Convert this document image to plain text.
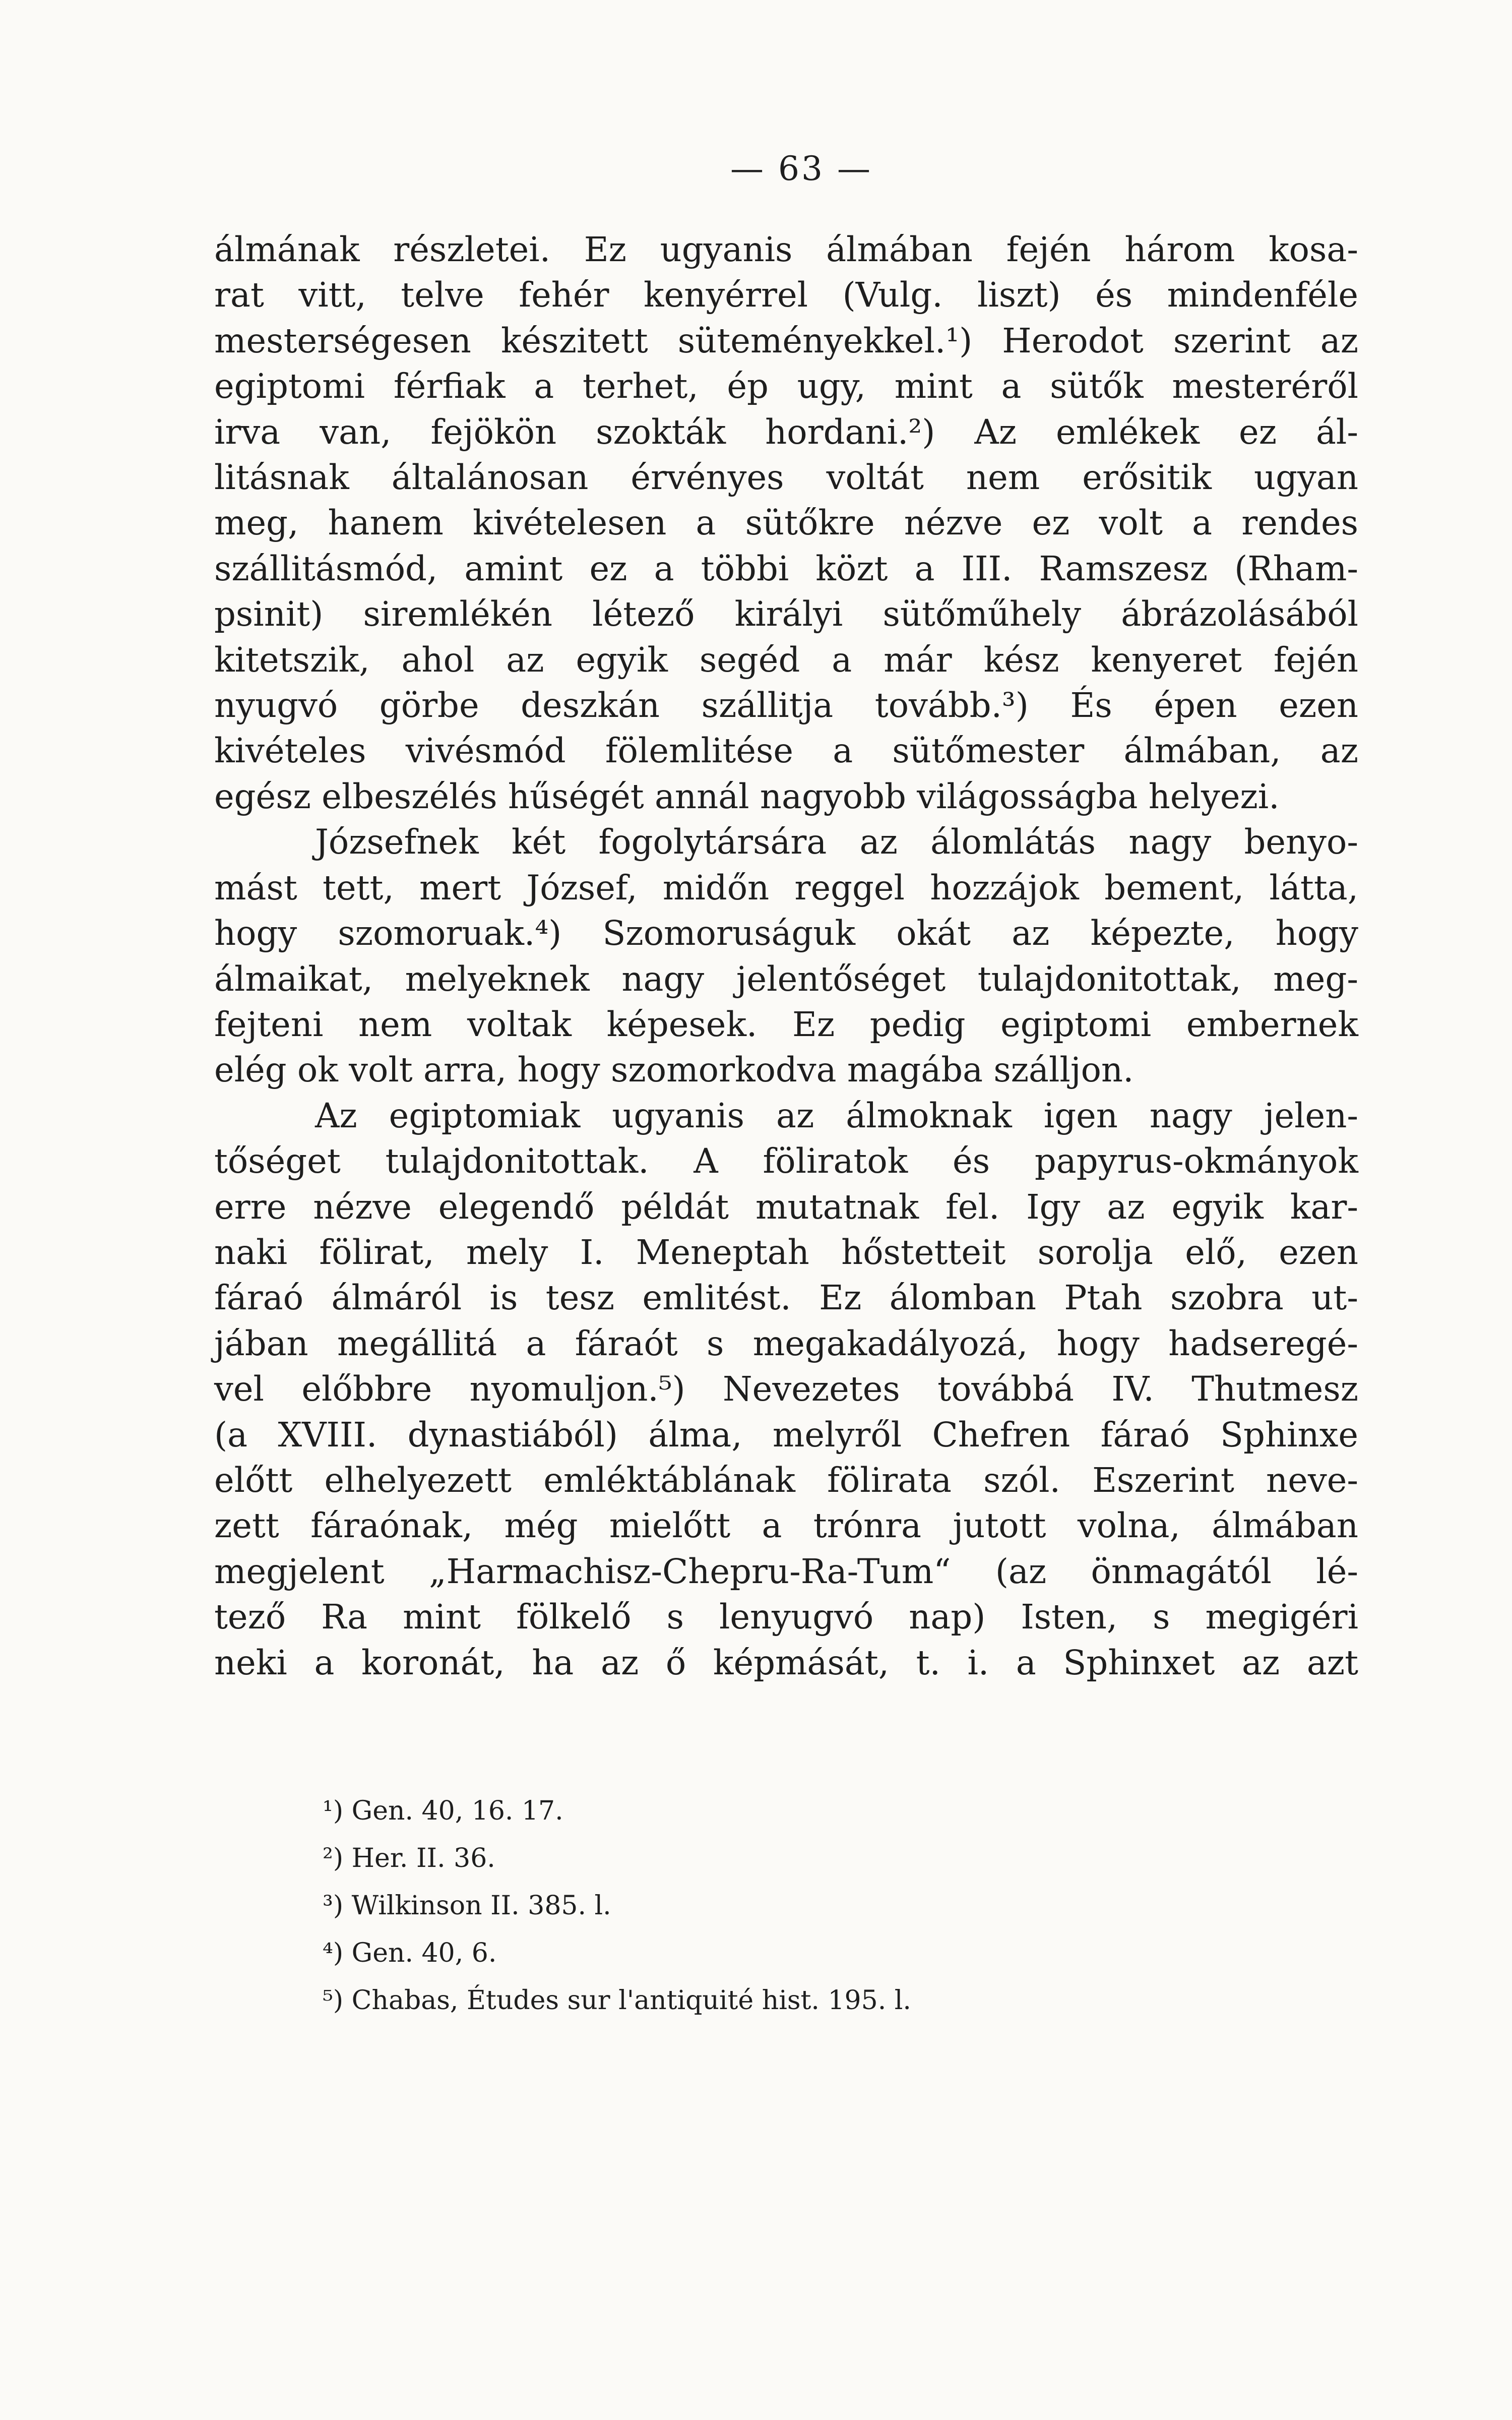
— 63 —
álmának részletei. Ez ugyanis álmában fején három kosa-
rat vitt, telve fehér kenyérrel (Vulg. liszt) és mindenféle
mesterségesen készitett süteményekkel.¹) Herodot szerint az
egiptomi férfiak a terhet, ép ugy, mint a sütők mesteréről
irva van, fejökön szokták hordani.²) Az emlékek ez ál-
litásnak általánosan érvényes voltát nem erősitik ugyan
meg, hanem kivételesen a sütőkre nézve ez volt a rendes
szállitásmód, amint ez a többi közt a III. Ramszesz (Rham-
psinit) siremlékén létező királyi sütőműhely ábrázolásából
kitetszik, ahol az egyik segéd a már kész kenyeret fején
nyugvó görbe deszkán szállitja tovább.³) És épen ezen
kivételes vivésmód fölemlitése a sütőmester álmában, az
egész elbeszélés hűségét annál nagyobb világosságba helyezi.
Józsefnek két fogolytársára az álomlátás nagy benyo-
mást tett, mert József, midőn reggel hozzájok bement, látta,
hogy szomoruak.⁴) Szomoruságuk okát az képezte, hogy
álmaikat, melyeknek nagy jelentőséget tulajdonitottak, meg-
fejteni nem voltak képesek. Ez pedig egiptomi embernek
elég ok volt arra, hogy szomorkodva magába szálljon.
Az egiptomiak ugyanis az álmoknak igen nagy jelen-
tőséget tulajdonitottak. A föliratok és papyrus-okmányok
erre nézve elegendő példát mutatnak fel. Igy az egyik kar-
naki fölirat, mely I. Meneptah hőstetteit sorolja elő, ezen
fáraó álmáról is tesz emlitést. Ez álomban Ptah szobra ut-
jában megállitá a fáraót s megakadályozá, hogy hadseregé-
vel előbbre nyomuljon.⁵) Nevezetes továbbá IV. Thutmesz
(a XVIII. dynastiából) álma, melyről Chefren fáraó Sphinxe
előtt elhelyezett emléktáblának fölirata szól. Eszerint neve-
zett fáraónak, még mielőtt a trónra jutott volna, álmában
megjelent „Harmachisz-Chepru-Ra-Tum“ (az önmagától lé-
tező Ra mint fölkelő s lenyugvó nap) Isten, s megigéri
neki a koronát, ha az ő képmását, t. i. a Sphinxet az azt
¹) Gen. 40, 16. 17.
²) Her. II. 36.
³) Wilkinson II. 385. l.
⁴) Gen. 40, 6.
⁵) Chabas, Études sur l'antiquité hist. 195. l.
